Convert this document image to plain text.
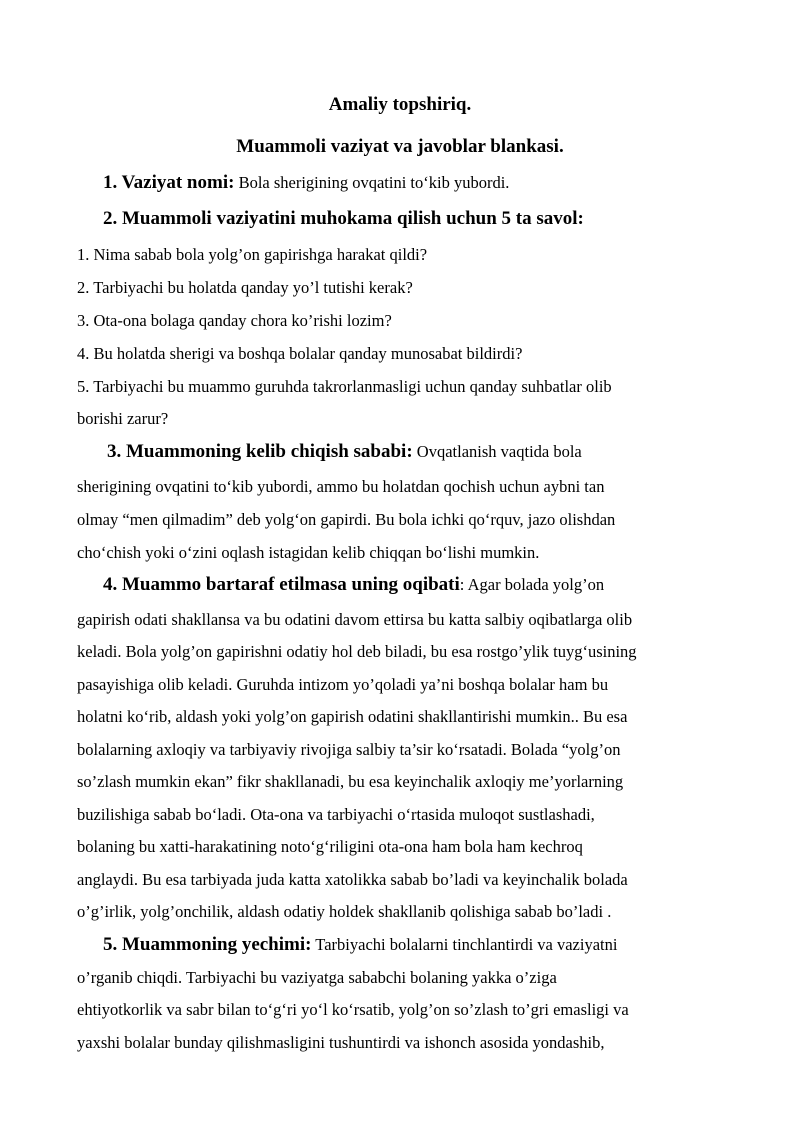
Amaliy topshiriq.
Muammoli vaziyat va javoblar blankasi.
1. Vaziyat nomi: Bola sherigining ovqatini to‘kib yubordi.
2. Muammoli vaziyatini muhokama qilish uchun 5 ta savol:
1. Nima sabab bola yolg’on gapirishga harakat qildi?
2. Tarbiyachi bu holatda qanday yo’l tutishi kerak?
3. Ota-ona bolaga qanday chora ko’rishi lozim?
4. Bu holatda sherigi va boshqa bolalar qanday munosabat bildirdi?
5. Tarbiyachi bu muammo guruhda takrorlanmasligi uchun qanday suhbatlar olib
borishi zarur?
3. Muammoning kelib chiqish sababi: Ovqatlanish vaqtida bola
sherigining ovqatini to‘kib yubordi, ammo bu holatdan qochish uchun aybni tan
olmay “men qilmadim” deb yolg‘on gapirdi. Bu bola ichki qo‘rquv, jazo olishdan
cho‘chish yoki o‘zini oqlash istagidan kelib chiqqan bo‘lishi mumkin.
4. Muammo bartaraf etilmasa uning oqibati: Agar bolada yolg’on
gapirish odati shakllansa va bu odatini davom ettirsa bu katta salbiy oqibatlarga olib
keladi. Bola yolg’on gapirishni odatiy hol deb biladi, bu esa rostgo’ylik tuyg‘usining
pasayishiga olib keladi. Guruhda intizom yo’qoladi ya’ni boshqa bolalar ham bu
holatni ko‘rib, aldash yoki yolg’on gapirish odatini shakllantirishi mumkin.. Bu esa
bolalarning axloqiy va tarbiyaviy rivojiga salbiy ta’sir ko‘rsatadi. Bolada “yolg’on
so’zlash mumkin ekan” fikr shakllanadi, bu esa keyinchalik axloqiy me’yorlarning
buzilishiga sabab bo‘ladi. Ota-ona va tarbiyachi o‘rtasida muloqot sustlashadi,
bolaning bu xatti-harakatining noto‘g‘riligini ota-ona ham bola ham kechroq
anglaydi. Bu esa tarbiyada juda katta xatolikka sabab bo’ladi va keyinchalik bolada
o’g’irlik, yolg’onchilik, aldash odatiy holdek shakllanib qolishiga sabab bo’ladi .
5. Muammoning yechimi: Tarbiyachi bolalarni tinchlantirdi va vaziyatni
o’rganib chiqdi. Tarbiyachi bu vaziyatga sababchi bolaning yakka o’ziga
ehtiyotkorlik va sabr bilan to‘g‘ri yo‘l ko‘rsatib, yolg’on so’zlash to’gri emasligi va
yaxshi bolalar bunday qilishmasligini tushuntirdi va ishonch asosida yondashib,
